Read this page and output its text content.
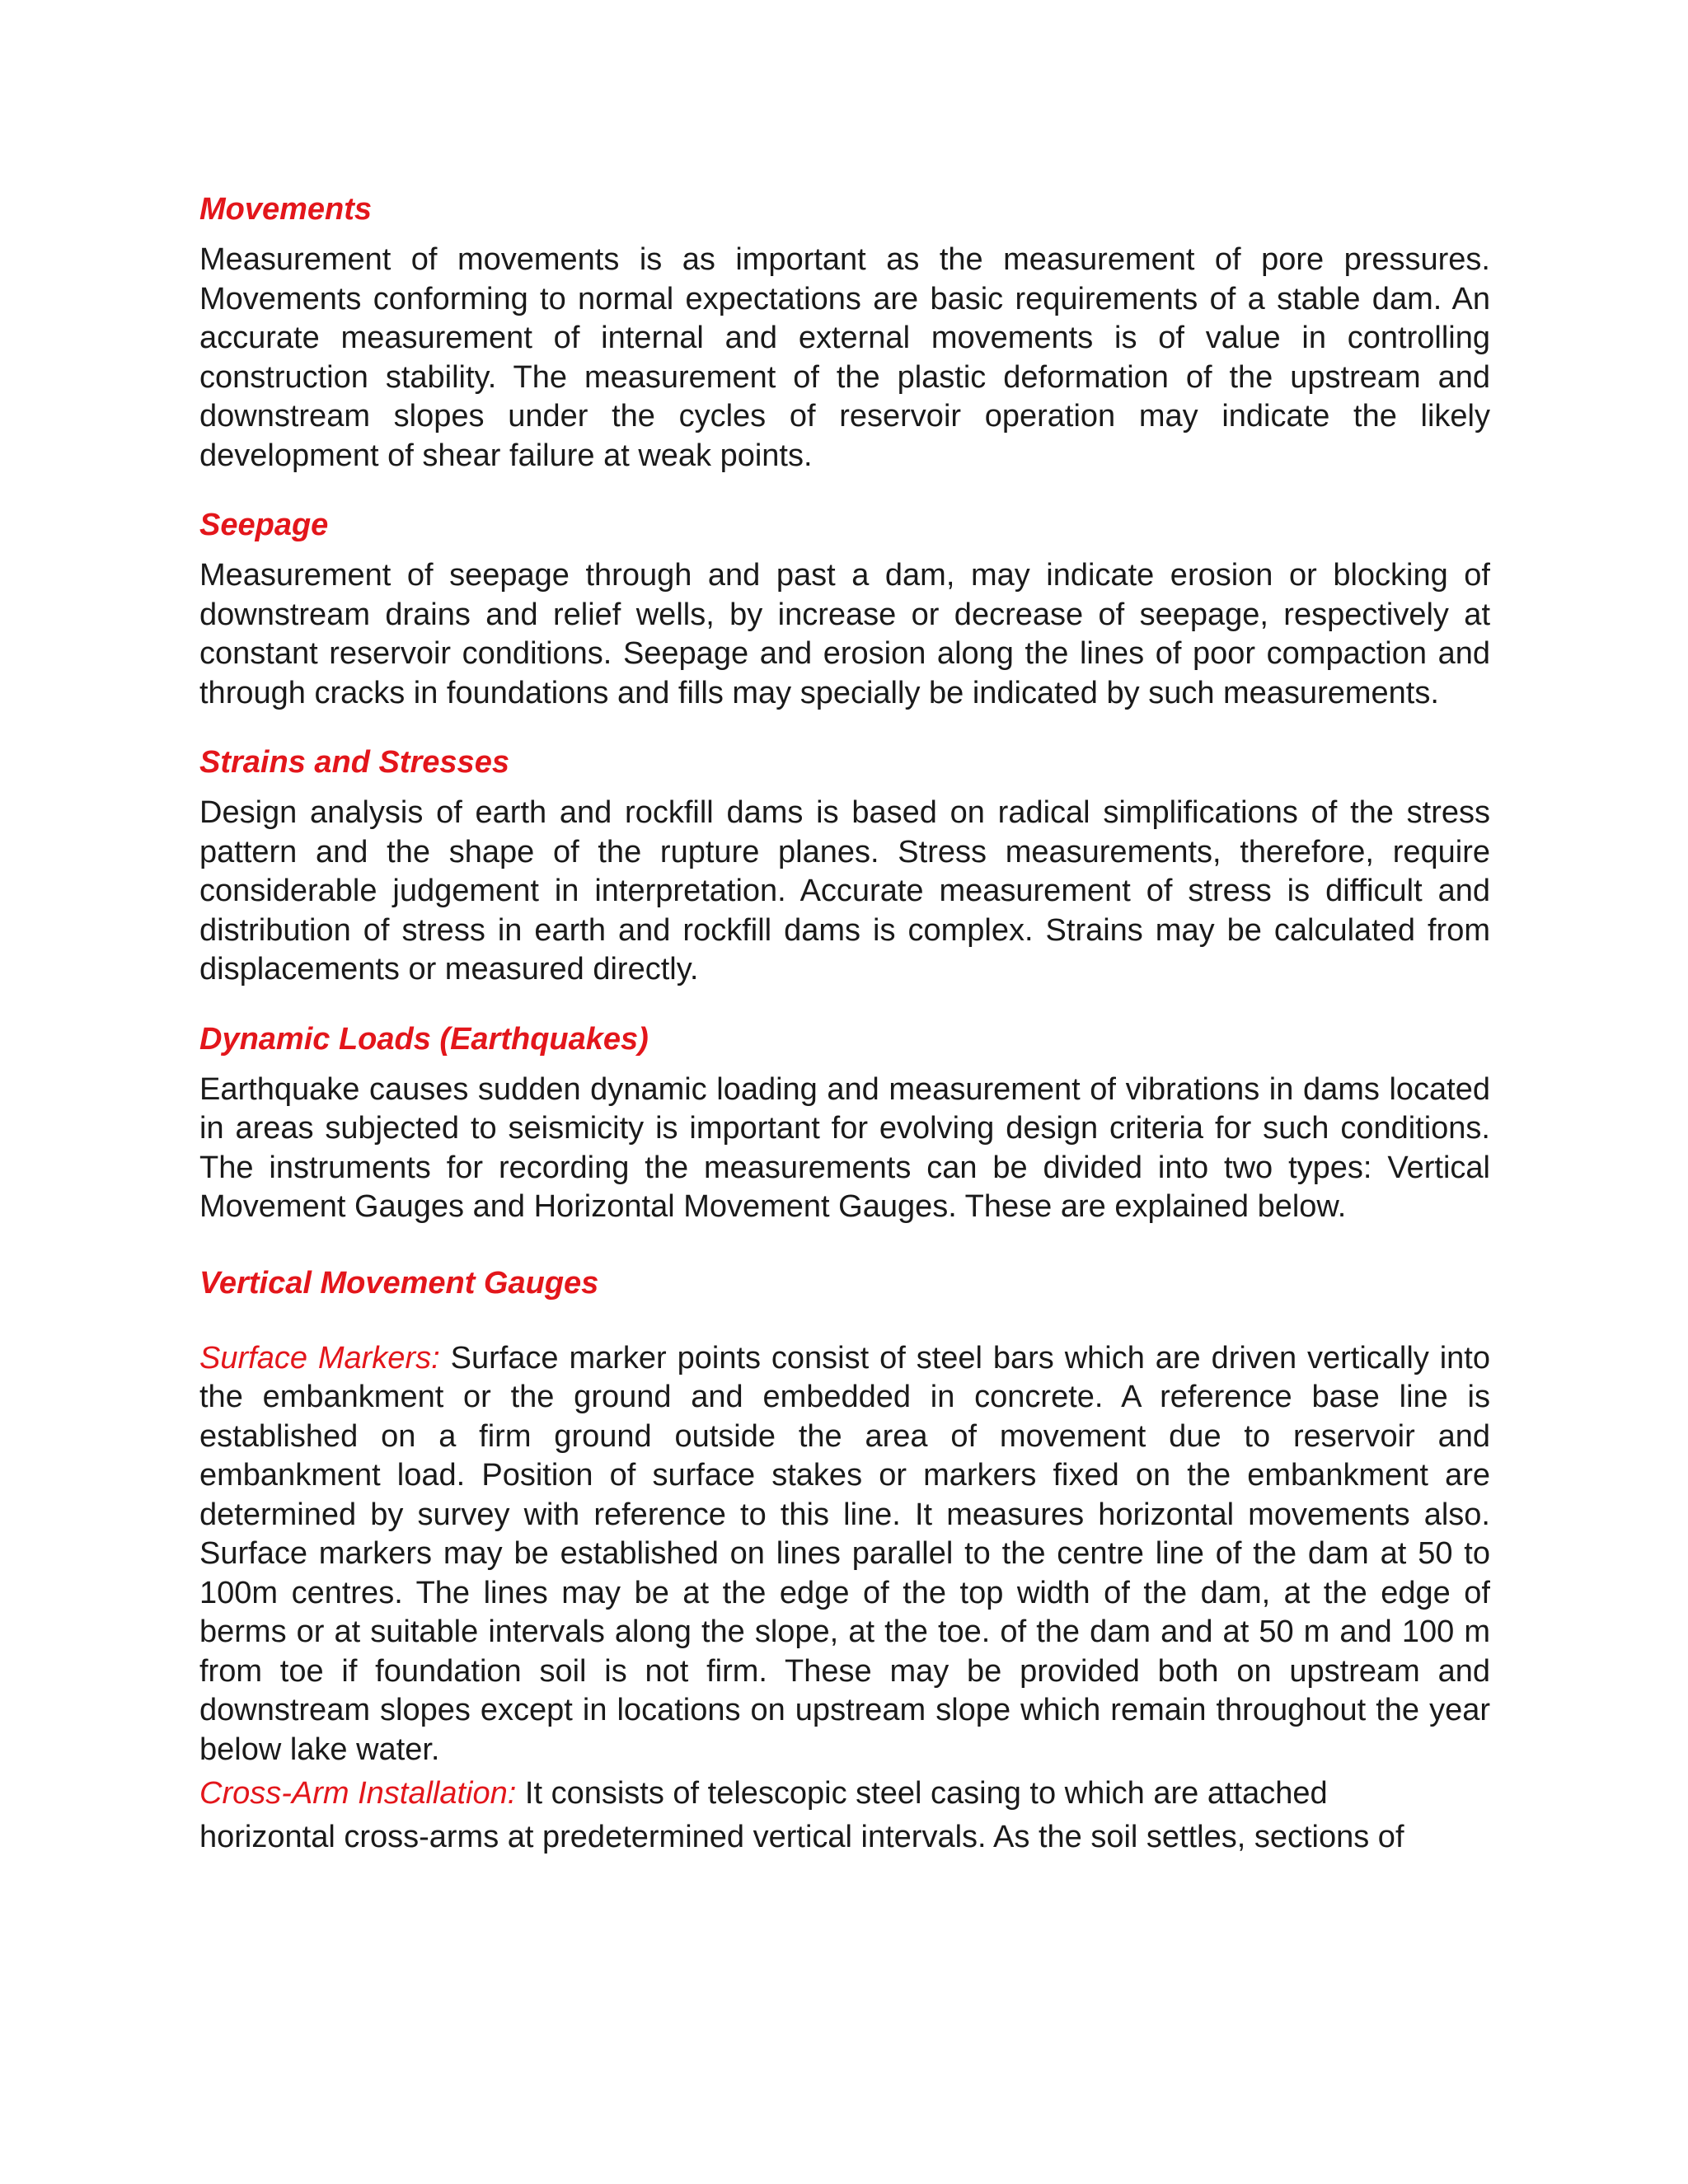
Movements

Measurement of movements is as important as the measurement of pore pressures. Movements conforming to normal expectations are basic requirements of a stable dam. An accurate measurement of internal and external movements is of value in controlling construction stability. The measurement of the plastic deformation of the upstream and downstream slopes under the cycles of reservoir operation may indicate the likely development of shear failure at weak points.

Seepage

Measurement of seepage through and past a dam, may indicate erosion or blocking of downstream drains and relief wells, by increase or decrease of seepage, respectively at constant reservoir conditions. Seepage and erosion along the lines of poor compaction and through cracks in foundations and fills may specially be indicated by such measurements.

Strains and Stresses

Design analysis of earth and rockfill dams is based on radical simplifications of the stress pattern and the shape of the rupture planes. Stress measurements, therefore, require considerable judgement in interpretation. Accurate measurement of stress is difficult and distribution of stress in earth and rockfill dams is complex. Strains may be calculated from displacements or measured directly.

Dynamic Loads (Earthquakes)

Earthquake causes sudden dynamic loading and measurement of vibrations in dams located in areas subjected to seismicity is important for evolving design criteria for such conditions. The instruments for recording the measurements can be divided into two types: Vertical Movement Gauges and Horizontal Movement Gauges. These are explained below.

Vertical Movement Gauges

Surface Markers: Surface marker points consist of steel bars which are driven vertically into the embankment or the ground and embedded in concrete. A reference base line is established on a firm ground outside the area of movement due to reservoir and embankment load. Position of surface stakes or markers fixed on the embankment are determined by survey with reference to this line. It measures horizontal movements also. Surface markers may be established on lines parallel to the centre line of the dam at 50 to 100m centres. The lines may be at the edge of the top width of the dam, at the edge of berms or at suitable intervals along the slope, at the toe. of the dam and at 50 m and 100 m from toe if foundation soil is not firm. These may be provided both on upstream and downstream slopes except in locations on upstream slope which remain throughout the year below lake water.

Cross-Arm Installation: It consists of telescopic steel casing to which are attached

horizontal cross-arms at predetermined vertical intervals. As the soil settles, sections of
